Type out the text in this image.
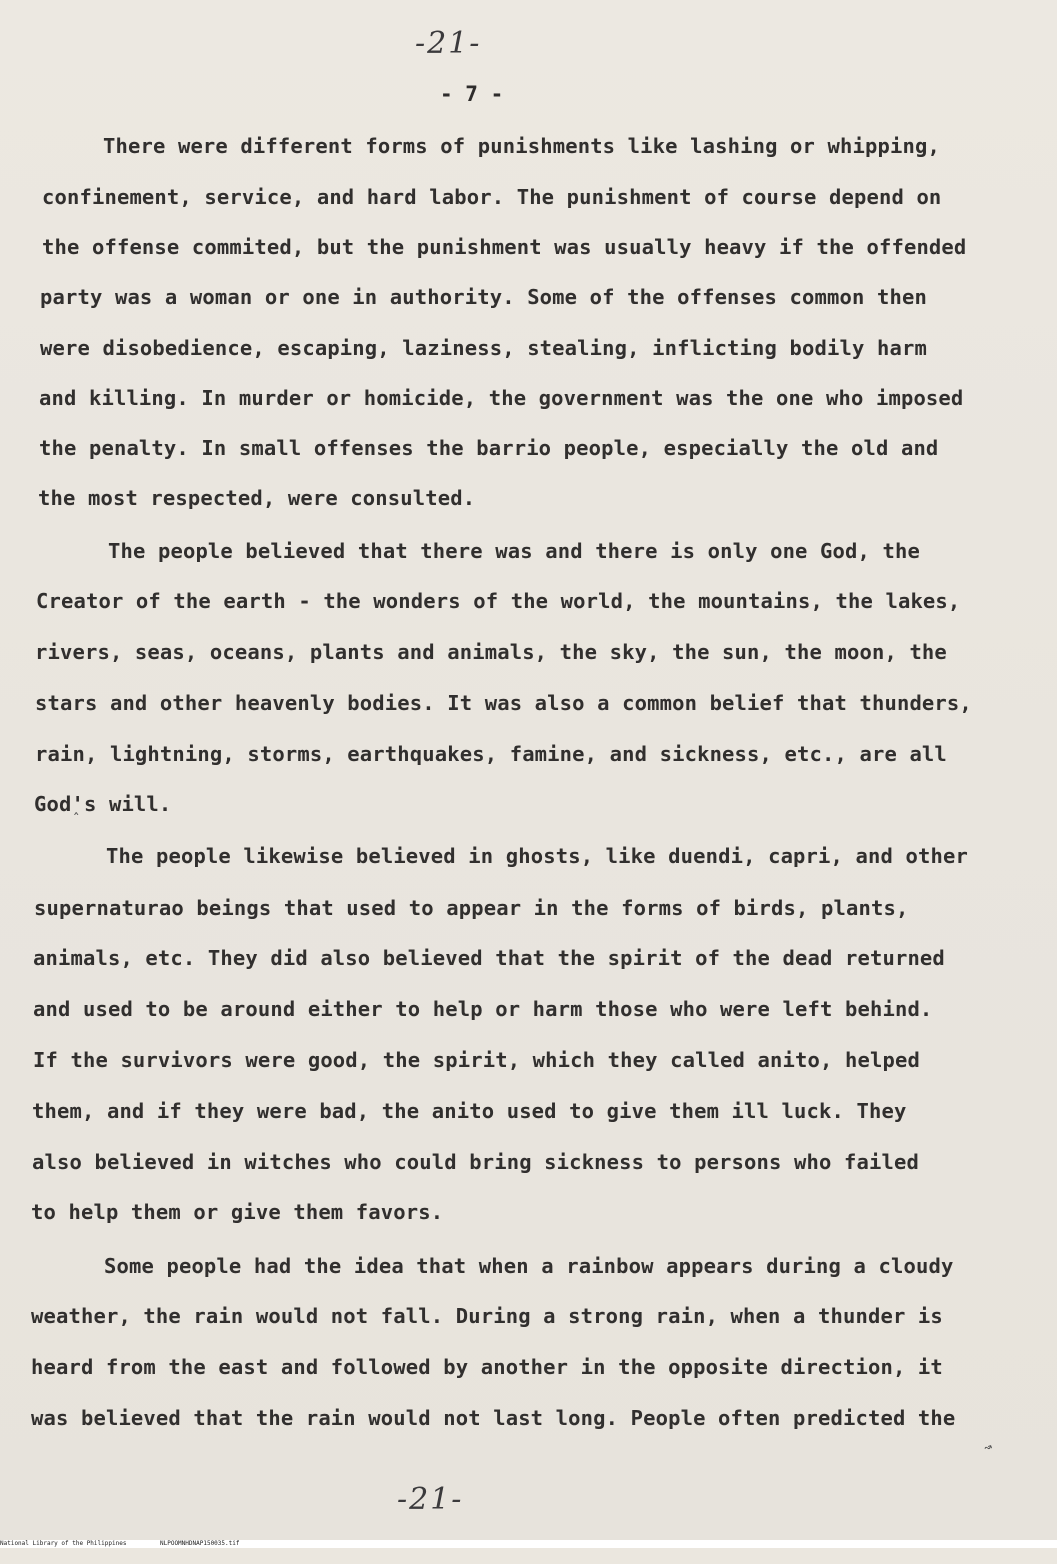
-21-
- 7 -
There were different forms of punishments like lashing or whipping,
confinement, service, and hard labor. The punishment of course depend on
the offense commited, but the punishment was usually heavy if the offended
party was a woman or one in authority. Some of the offenses common then
were disobedience, escaping, laziness, stealing, inflicting bodily harm
and killing. In murder or homicide, the government was the one who imposed
the penalty. In small offenses the barrio people, especially the old and
the most respected, were consulted.
The people believed that there was and there is only one God, the
Creator of the earth - the wonders of the world, the mountains, the lakes,
rivers, seas, oceans, plants and animals, the sky, the sun, the moon, the
stars and other heavenly bodies. It was also a common belief that thunders,
rain, lightning, storms, earthquakes, famine, and sickness, etc., are all
God's will.
The people likewise believed in ghosts, like duendi, capri, and other
supernaturao beings that used to appear in the forms of birds, plants,
animals, etc. They did also believed that the spirit of the dead returned
and used to be around either to help or harm those who were left behind.
If the survivors were good, the spirit, which they called anito, helped
them, and if they were bad, the anito used to give them ill luck. They
also believed in witches who could bring sickness to persons who failed
to help them or give them favors.
Some people had the idea that when a rainbow appears during a cloudy
weather, the rain would not fall. During a strong rain, when a thunder is
heard from the east and followed by another in the opposite direction, it
was believed that the rain would not last long. People often predicted the
ˆ
↝
-21-

National Library of the Philippines

	NLPOOMNHDNAP150035.tif
